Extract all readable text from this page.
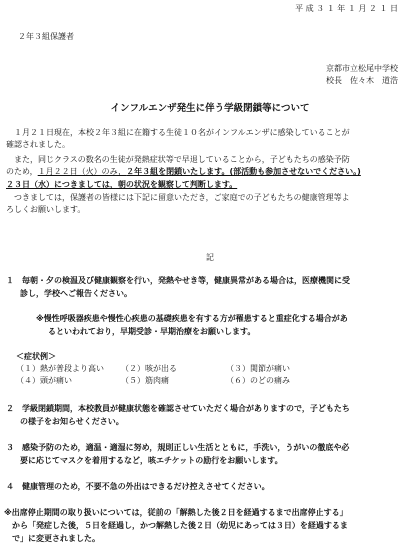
平 成 ３ １ 年 １ 月 ２ １ 日
２年３組保護者
京都市立松尾中学校
校長　佐々木　道浩
インフルエンザ発生に伴う学級閉鎖等について
１月２１日現在，本校２年３組に在籍する生徒１０名がインフルエンザに感染していることが
確認されました。
また，同じクラスの数名の生徒が発熱症状等で早退していることから，子どもたちの感染予防
のため，１月２２日（火）のみ，２年３組を閉鎖いたします。(部活動も参加させないでください。)
２３日（水）につきましては，朝の状況を観察して判断します。
つきましては，保護者の皆様には下記に留意いただき，ご家庭での子どもたちの健康管理等よ
ろしくお願いします。
記
１　毎朝・夕の検温及び健康観察を行い，発熱やせき等，健康異常がある場合は，医療機関に受
診し，学校へご報告ください。
※慢性呼吸器疾患や慢性心疾患の基礎疾患を有する方が罹患すると重症化する場合があ
るといわれており，早期受診・早期治療をお願いします。
＜症状例＞
（１）熱が普段より高い （２）咳が出る	（３）関節が痛い
（４）頭が痛い	（５）筋肉痛	（６）のどの痛み
２　学級閉鎖期間，本校教員が健康状態を確認させていただく場合がありますので，子どもたち
の様子をお知らせください。
３　感染予防のため，適温・適湿に努め，規則正しい生活とともに，手洗い，うがいの徹底や必
要に応じてマスクを着用するなど，咳エチケットの励行をお願いします。
４　健康管理のため，不要不急の外出はできるだけ控えさせてください。
※出席停止期間の取り扱いについては，従前の「解熱した後２日を経過するまで出席停止する」
　から「発症した後，５日を経過し，かつ解熱した後２日（幼児にあっては３日）を経過するま
　で」に変更されました。
